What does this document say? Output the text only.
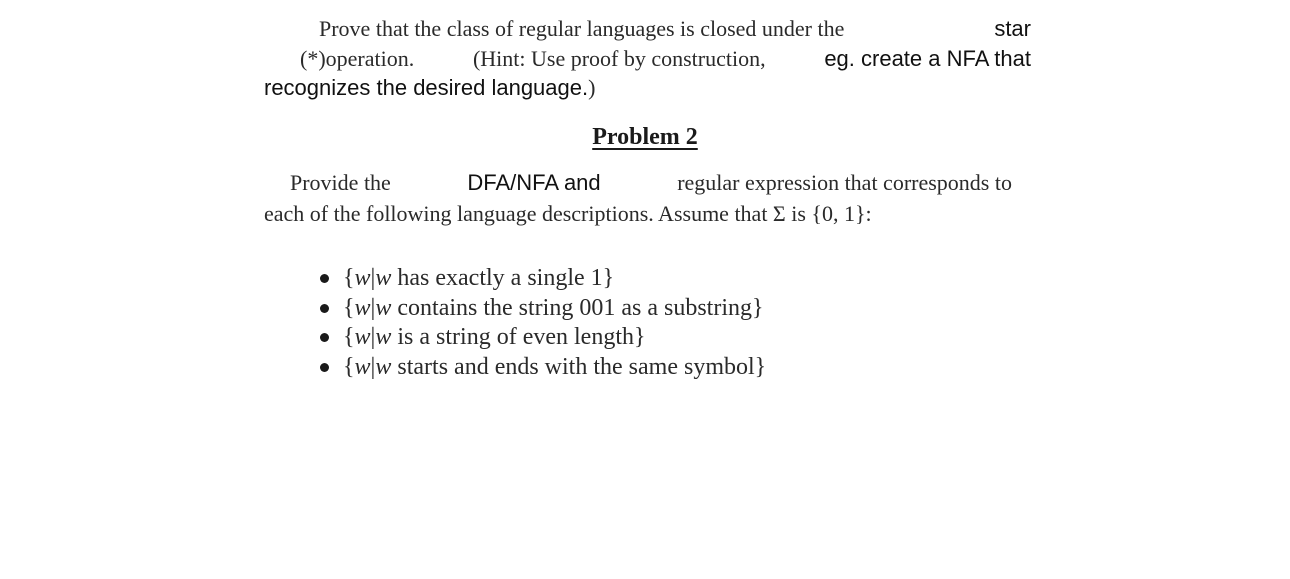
Prove that the class of regular languages is closed under the	star
(*)operation.	(Hint: Use proof by construction,	eg. create a NFA that
recognizes the desired language.)
Problem 2
Provide the	DFA/NFA and	regular expression that corresponds to
each of the following language descriptions. Assume that Σ is {0, 1}:
{ w | w has exactly a single 1}
{ w | w contains the string 001 as a substring}
{ w | w is a string of even length}
{ w | w starts and ends with the same symbol}
